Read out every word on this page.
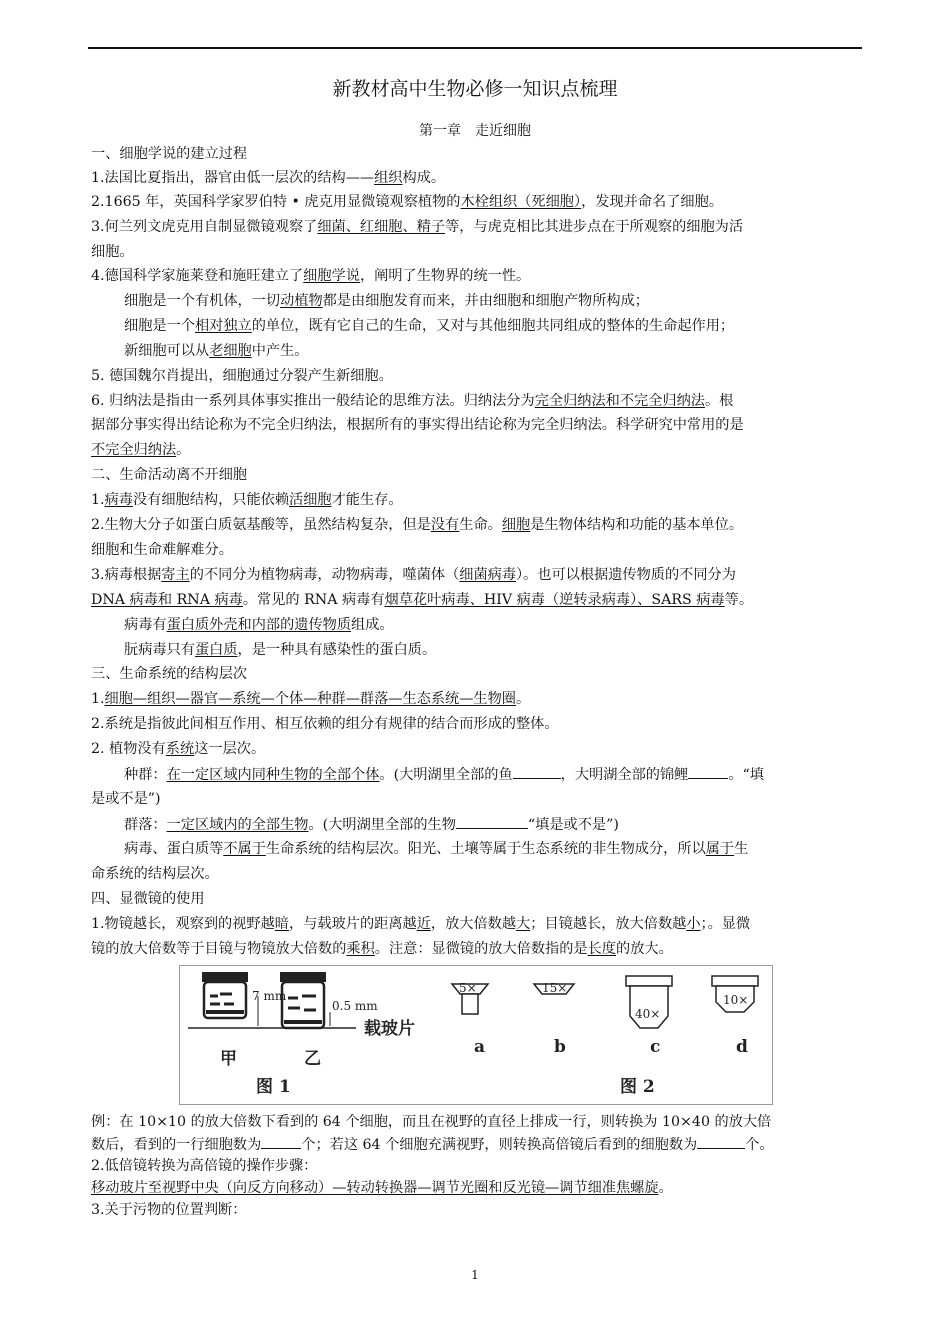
新教材高中生物必修一知识点梳理
第一章　走近细胞
一、细胞学说的建立过程
1.法国比夏指出，器官由低一层次的结构——组织构成。
2.1665 年，英国科学家罗伯特 • 虎克用显微镜观察植物的木栓组织（死细胞），发现并命名了细胞。
3.何兰列文虎克用自制显微镜观察了细菌、红细胞、精子等，与虎克相比其进步点在于所观察的细胞为活
细胞。
4.德国科学家施莱登和施旺建立了细胞学说，阐明了生物界的统一性。
细胞是一个有机体，一切动植物都是由细胞发育而来，并由细胞和细胞产物所构成；
细胞是一个相对独立的单位，既有它自己的生命，又对与其他细胞共同组成的整体的生命起作用；
新细胞可以从老细胞中产生。
5. 德国魏尔肖提出，细胞通过分裂产生新细胞。
6. 归纳法是指由一系列具体事实推出一般结论的思维方法。归纳法分为完全归纳法和不完全归纳法。根
据部分事实得出结论称为不完全归纳法，根据所有的事实得出结论称为完全归纳法。科学研究中常用的是
不完全归纳法。
二、生命活动离不开细胞
1.病毒没有细胞结构，只能依赖活细胞才能生存。
2.生物大分子如蛋白质氨基酸等，虽然结构复杂，但是没有生命。细胞是生物体结构和功能的基本单位。
细胞和生命难解难分。
3.病毒根据寄主的不同分为植物病毒，动物病毒，噬菌体（细菌病毒）。也可以根据遗传物质的不同分为
DNA 病毒和 RNA 病毒。常见的 RNA 病毒有烟草花叶病毒、HIV 病毒（逆转录病毒）、SARS 病毒等。
病毒有蛋白质外壳和内部的遗传物质组成。
朊病毒只有蛋白质，是一种具有感染性的蛋白质。
三、生命系统的结构层次
1.细胞—组织—器官—系统—个体—种群—群落—生态系统—生物圈。
2.系统是指彼此间相互作用、相互依赖的组分有规律的结合而形成的整体。
2. 植物没有系统这一层次。
种群：在一定区域内同种生物的全部个体。(大明湖里全部的鱼	，大明湖全部的锦鲤	。“填
是或不是”)
群落：一定区域内的全部生物。(大明湖里全部的生物	“填是或不是”)
病毒、蛋白质等不属于生命系统的结构层次。阳光、土壤等属于生态系统的非生物成分，所以属于生
命系统的结构层次。
四、显微镜的使用
1.物镜越长，观察到的视野越暗，与载玻片的距离越近，放大倍数越大；目镜越长，放大倍数越小；。显微
镜的放大倍数等于目镜与物镜放大倍数的乘积。注意：显微镜的放大倍数指的是长度的放大。
7 mm
0.5 mm
载玻片
甲	乙
图 1
5×
a
15×
b
40×
c
10×
d
图 2
例：在 10×10 的放大倍数下看到的 64 个细胞，而且在视野的直径上排成一行，则转换为 10×40 的放大倍
数后，看到的一行细胞数为	个；若这 64 个细胞充满视野，则转换高倍镜后看到的细胞数为	个。
2.低倍镜转换为高倍镜的操作步骤：
移动玻片至视野中央（向反方向移动）—转动转换器—调节光圈和反光镜—调节细准焦螺旋。
3.关于污物的位置判断：
1
